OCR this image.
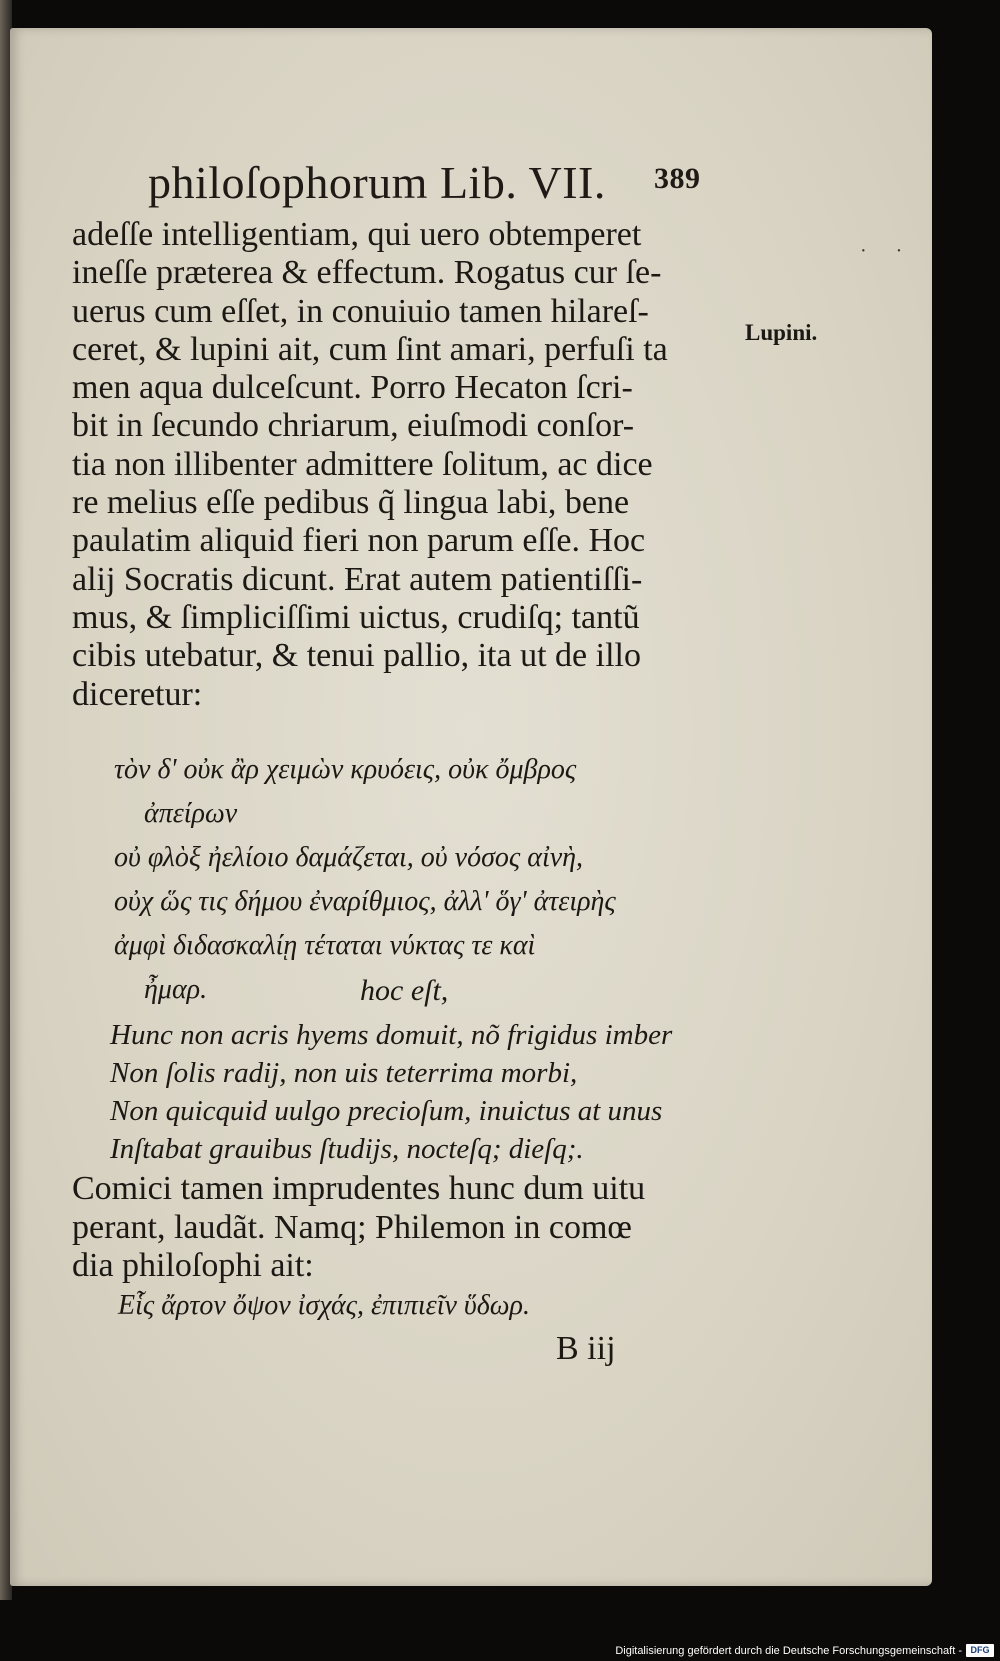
philoſophorum Lib. VII. 389
· ·
Lupini.
adeſſe intelligentiam, qui uero obtemperet
ineſſe præterea & effectum. Rogatus cur ſe-
uerus cum eſſet, in conuiuio tamen hilareſ-
ceret, & lupini ait, cum ſint amari, perfuſi ta
men aqua dulceſcunt. Porro Hecaton ſcri-
bit in ſecundo chriarum, eiuſmodi conſor-
tia non illibenter admittere ſolitum, ac dice
re melius eſſe pedibus q̃ lingua labi, bene
paulatim aliquid fieri non parum eſſe. Hoc
alij Socratis dicunt. Erat autem patientiſſi-
mus, & ſimpliciſſimi uictus, crudiſq; tantũ
cibis utebatur, & tenui pallio, ita ut de illo
diceretur:
τὸν δ' οὐκ ἂρ χειμὼν κρυόεις, οὐκ ὄμβρος
ἀπείρων
οὐ φλὸξ ἠελίοιο δαμάζεται, οὐ νόσος αἰνὴ,
οὐχ ὥς τις δήμου ἐναρίθμιος, ἀλλ' ὅγ' ἀτειρὴς
ἀμφὶ διδασκαλίῃ τέταται νύκτας τε καὶ
ἦμαρ.	hoc eſt,
Hunc non acris hyems domuit, nõ frigidus imber
Non ſolis radij, non uis teterrima morbi,
Non quicquid uulgo precioſum, inuictus at unus
Inſtabat grauibus ſtudijs, nocteſq; dieſq;.
Comici tamen imprudentes hunc dum uitu
perant, laudãt. Namq; Philemon in comœ
dia philoſophi ait:
Εἷς ἄρτον ὄψον ἰσχάς, ἐπιπιεῖν ὕδωρ.
B iij
Digitalisierung gefördert durch die Deutsche Forschungsgemeinschaft - DFG
